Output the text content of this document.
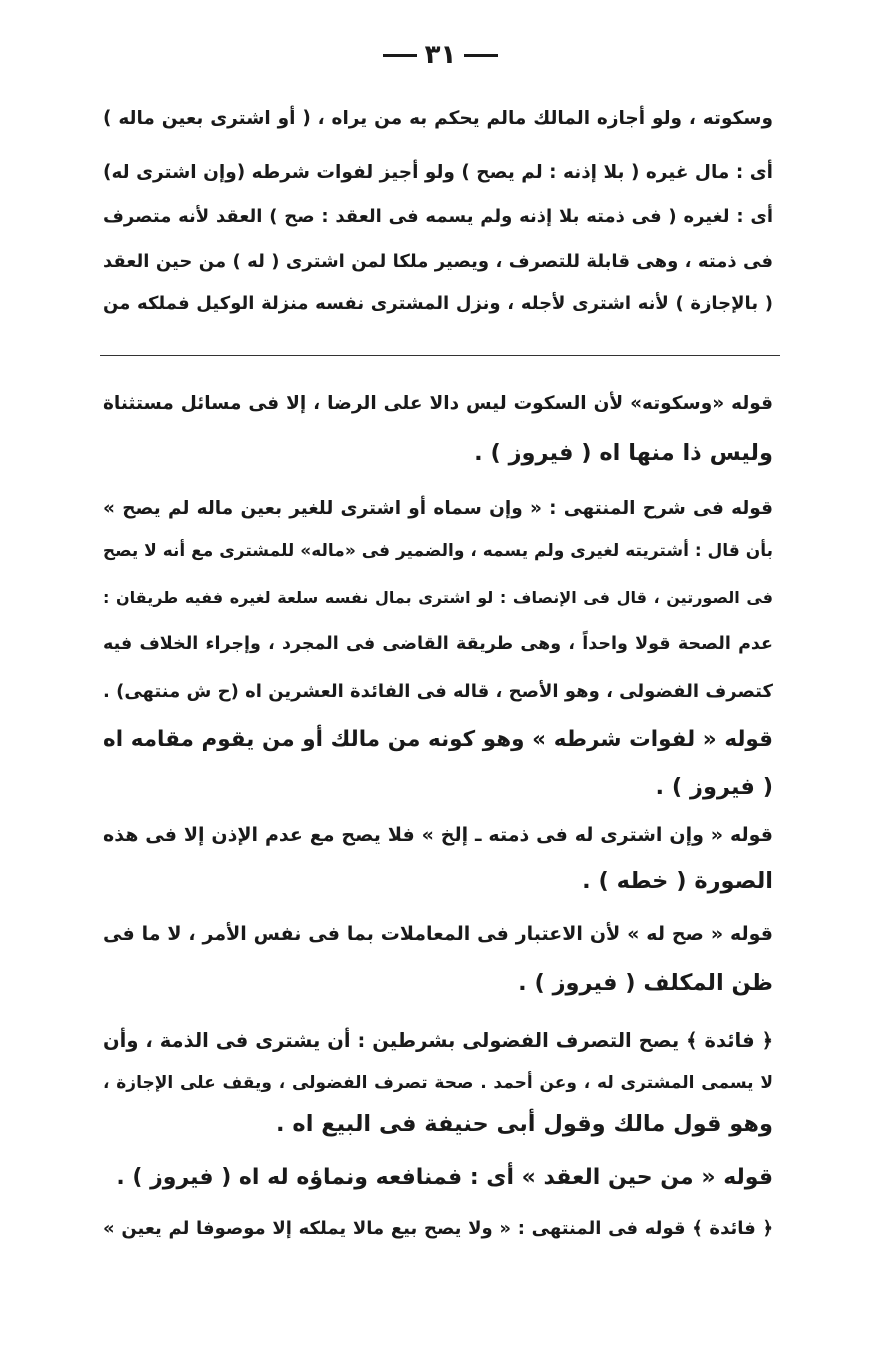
٣١
وسكوته ، ولو أجازه المالك مالم يحكم به من يراه ، ( أو اشترى بعين ماله )
أى : مال غيره ( بلا إذنه : لم يصح ) ولو أجيز لفوات شرطه (وإن اشترى له)
أى : لغيره ( فى ذمته بلا إذنه ولم يسمه فى العقد : صح ) العقد لأنه متصرف
فى ذمته ، وهى قابلة للتصرف ، ويصير ملكا لمن اشترى ( له ) من حين العقد
( بالإجازة ) لأنه اشترى لأجله ، ونزل المشترى نفسه منزلة الوكيل فملكه من
قوله «وسكوته» لأن السكوت ليس دالا على الرضا ، إلا فى مسائل مستثناة
وليس ذا منها اه ( فيروز ) .
قوله فى شرح المنتهى : « وإن سماه أو اشترى للغير بعين ماله لم يصح »
بأن قال : أشتريته لغيرى ولم يسمه ، والضمير فى «ماله» للمشترى مع أنه لا يصح
فى الصورتين ، قال فى الإنصاف : لو اشترى بمال نفسه سلعة لغيره ففيه طريقان :
عدم الصحة قولا واحداً ، وهى طريقة القاضى فى المجرد ، وإجراء الخلاف فيه
كتصرف الفضولى ، وهو الأصح ، قاله فى الفائدة العشرين اه (ح ش منتهى) .
قوله « لفوات شرطه » وهو كونه من مالك أو من يقوم مقامه اه
( فيروز ) .
قوله « وإن اشترى له فى ذمته ـ إلخ » فلا يصح مع عدم الإذن إلا فى هذه
الصورة ( خطه ) .
قوله « صح له » لأن الاعتبار فى المعاملات بما فى نفس الأمر ، لا ما فى
ظن المكلف ( فيروز ) .
﴿ فائدة ﴾ يصح التصرف الفضولى بشرطين : أن يشترى فى الذمة ، وأن
لا يسمى المشترى له ، وعن أحمد . صحة تصرف الفضولى ، ويقف على الإجازة ،
وهو قول مالك وقول أبى حنيفة فى البيع اه .
قوله « من حين العقد » أى : فمنافعه ونماؤه له اه ( فيروز ) .
﴿ فائدة ﴾ قوله فى المنتهى : « ولا يصح بيع مالا يملكه إلا موصوفا لم يعين »
